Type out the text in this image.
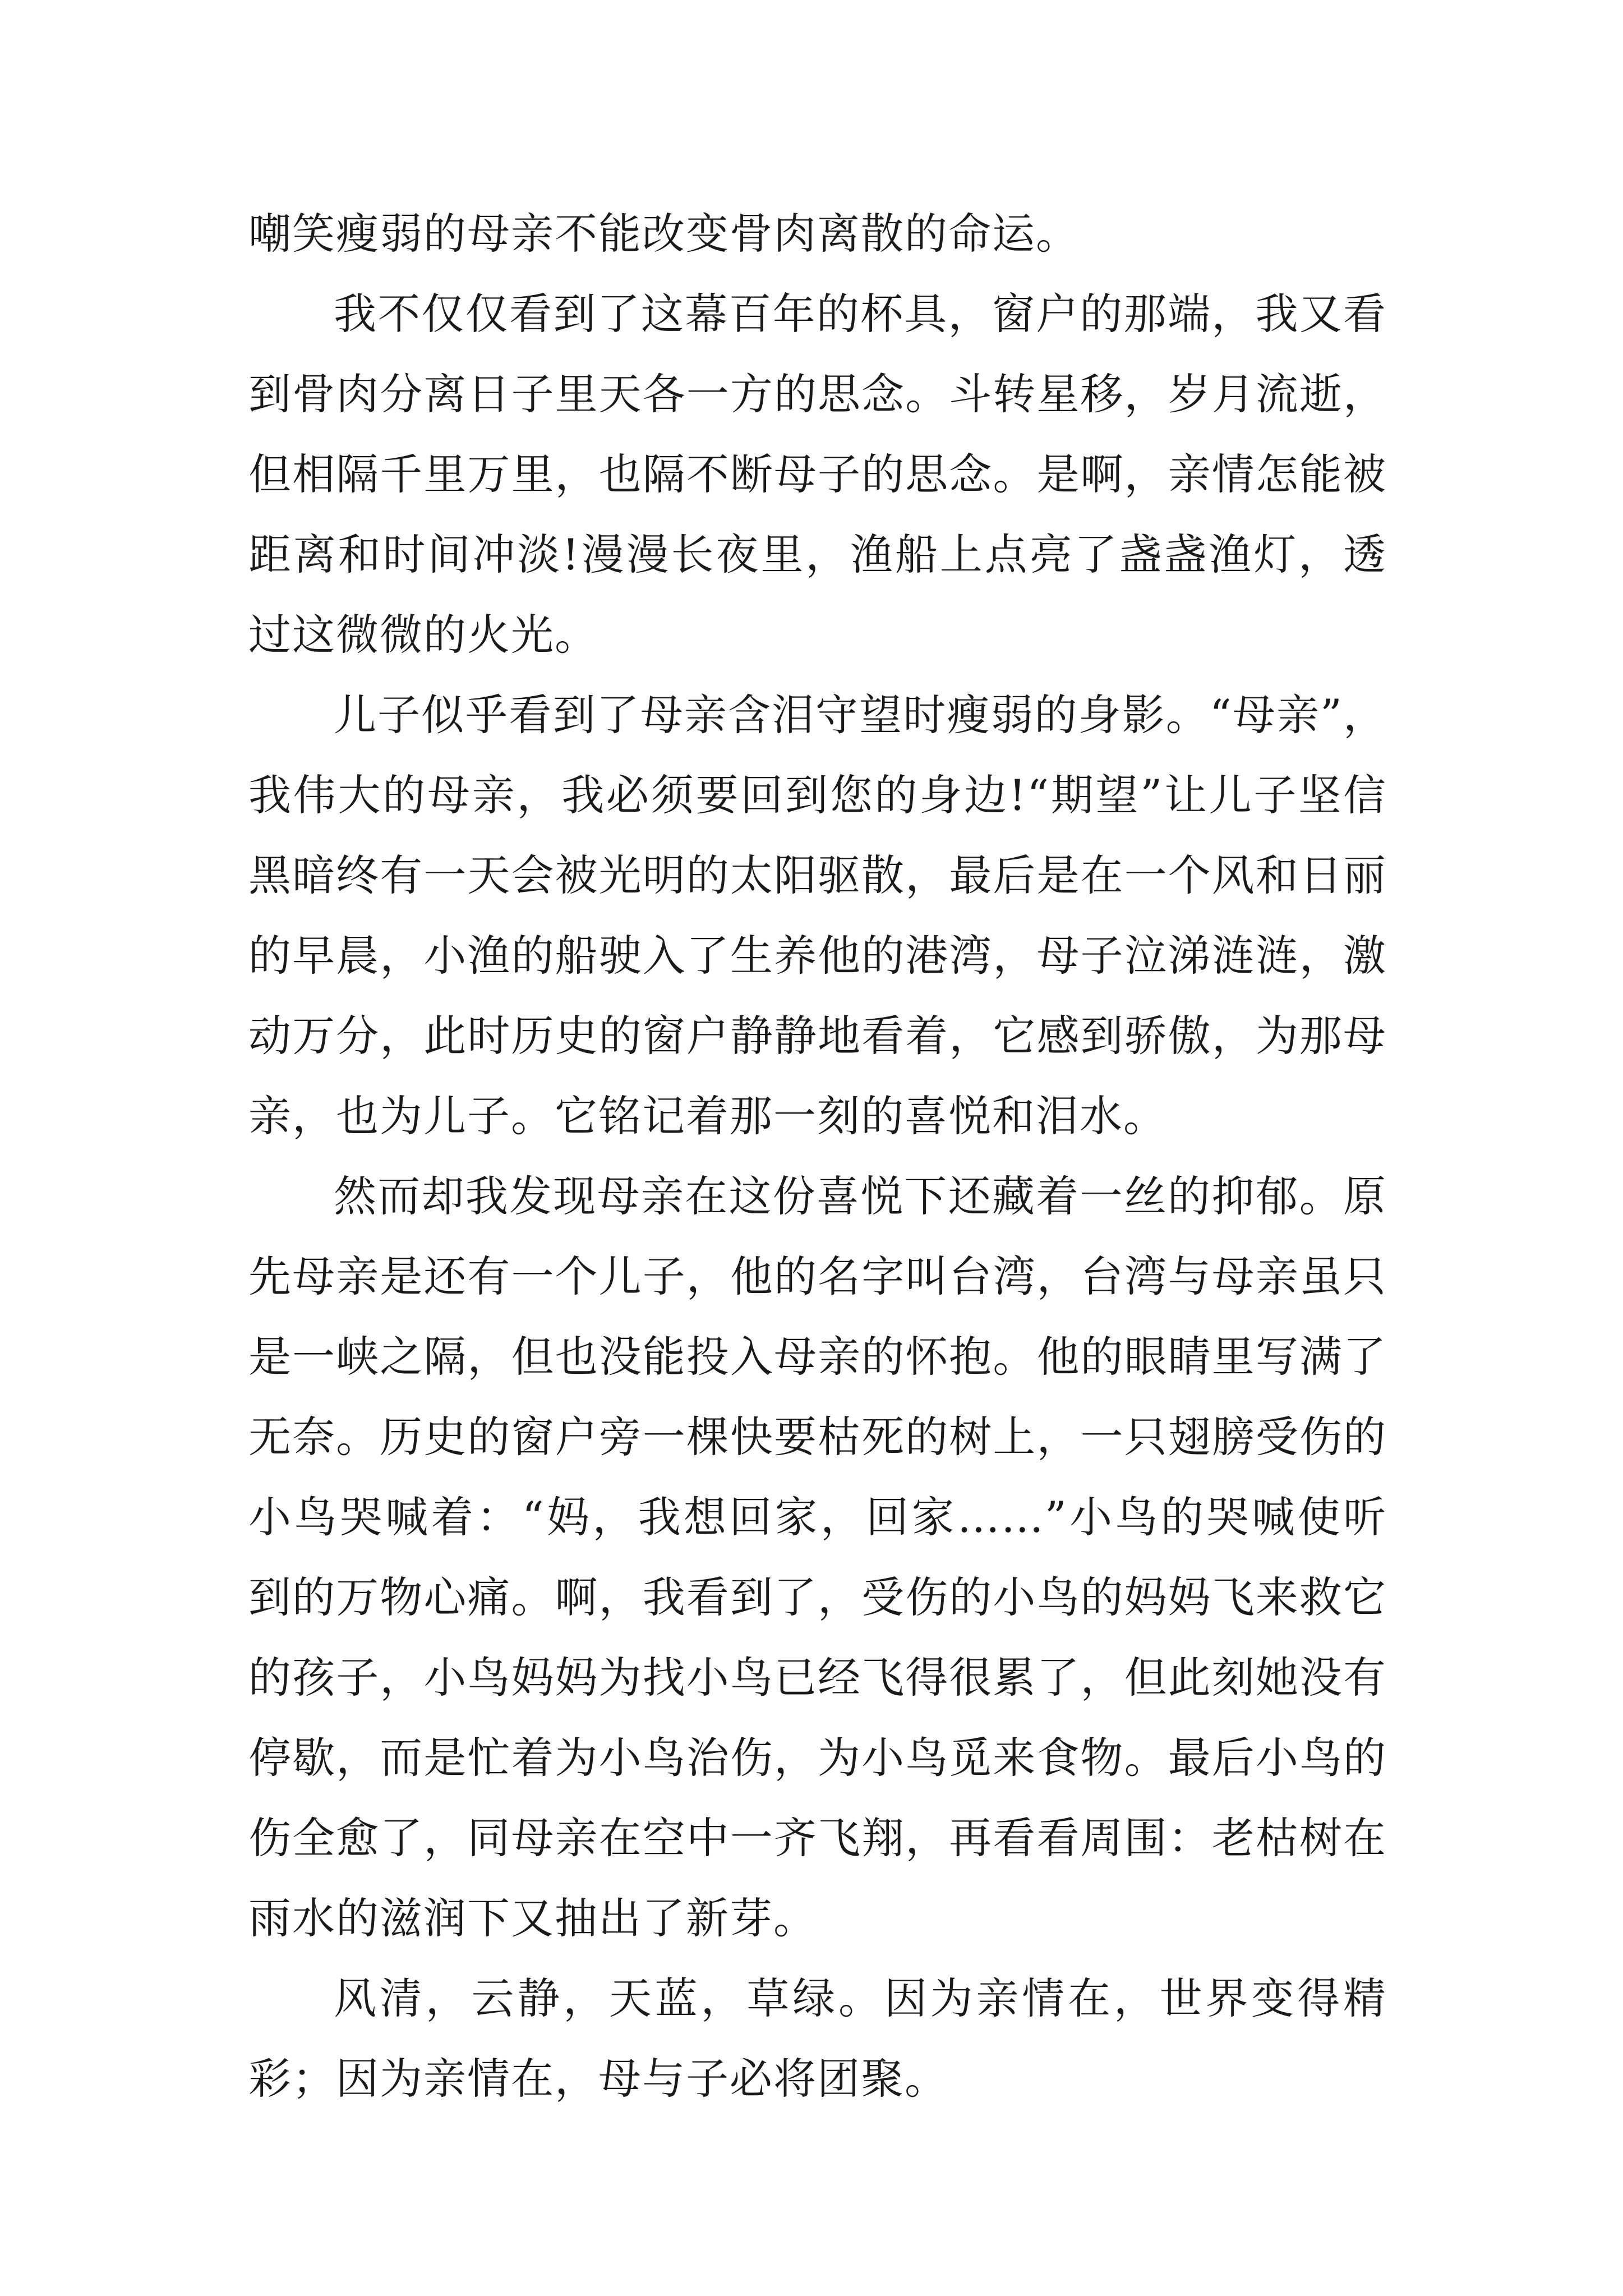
嘲笑瘦弱的母亲不能改变骨肉离散的命运。

我不仅仅看到了这幕百年的杯具，窗户的那端，我又看到骨肉分离日子里天各一方的思念。斗转星移，岁月流逝，但相隔千里万里，也隔不断母子的思念。是啊，亲情怎能被距离和时间冲淡!漫漫长夜里，渔船上点亮了盏盏渔灯，透过这微微的火光。

儿子似乎看到了母亲含泪守望时瘦弱的身影。“母亲”，我伟大的母亲，我必须要回到您的身边!“期望”让儿子坚信黑暗终有一天会被光明的太阳驱散，最后是在一个风和日丽的早晨，小渔的船驶入了生养他的港湾，母子泣涕涟涟，激动万分，此时历史的窗户静静地看着，它感到骄傲，为那母亲，也为儿子。它铭记着那一刻的喜悦和泪水。

然而却我发现母亲在这份喜悦下还藏着一丝的抑郁。原先母亲是还有一个儿子，他的名字叫台湾，台湾与母亲虽只是一峡之隔，但也没能投入母亲的怀抱。他的眼睛里写满了无奈。历史的窗户旁一棵快要枯死的树上，一只翅膀受伤的小鸟哭喊着：“妈，我想回家，回家……”小鸟的哭喊使听到的万物心痛。啊，我看到了，受伤的小鸟的妈妈飞来救它的孩子，小鸟妈妈为找小鸟已经飞得很累了，但此刻她没有停歇，而是忙着为小鸟治伤，为小鸟觅来食物。最后小鸟的伤全愈了，同母亲在空中一齐飞翔，再看看周围：老枯树在雨水的滋润下又抽出了新芽。

风清，云静，天蓝，草绿。因为亲情在，世界变得精彩；因为亲情在，母与子必将团聚。
